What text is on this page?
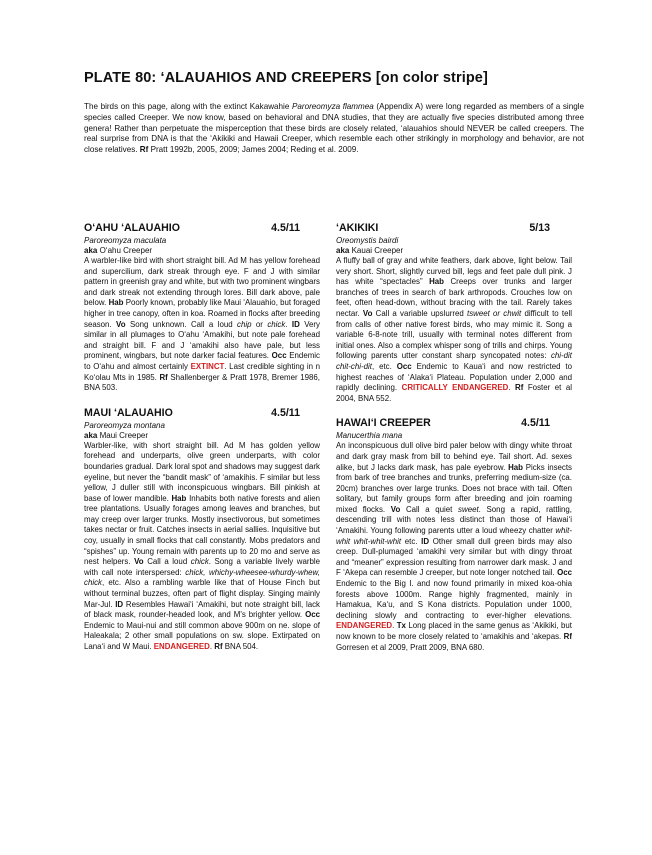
PLATE 80: ‘ALAUAHIOS AND CREEPERS [on color stripe]

The birds on this page, along with the extinct Kakawahie Paroreomyza flammea (Appendix A) were long regarded as members of a single species called Creeper. We now know, based on behavioral and DNA studies, that they are actually five species distributed among three genera! Rather than perpetuate the misperception that these birds are closely related, ‘alauahios should NEVER be called creepers. The real surprise from DNA is that the ‘Akikiki and Hawaii Creeper, which resemble each other strikingly in morphology and behavior, are not close relatives. Rf Pratt 1992b, 2005, 2009; James 2004; Reding et al. 2009.

O‘AHU ‘ALAUAHIO	4.5/11
Paroreomyza maculata
aka O‘ahu Creeper
A warbler-like bird with short straight bill. Ad M has yellow forehead and supercilium, dark streak through eye. F and J with similar pattern in greenish gray and white, but with two prominent wingbars and dark streak not extending through lores. Bill dark above, pale below. Hab Poorly known, probably like Maui ‘Alauahio, but foraged higher in tree canopy, often in koa. Roamed in flocks after breeding season. Vo Song unknown. Call a loud chip or chick. ID Very similar in all plumages to O‘ahu ‘Amakihi, but note pale forehead and straight bill. F and J ‘amakihi also have pale, but less prominent, wingbars, but note darker facial features. Occ Endemic to O‘ahu and almost certainly EXTINCT. Last credible sighting in n Ko‘olau Mts in 1985. Rf Shallenberger & Pratt 1978, Bremer 1986, BNA 503.
MAUI ‘ALAUAHIO	4.5/11
Paroreomyza montana
aka Maui Creeper
Warbler-like, with short straight bill. Ad M has golden yellow forehead and underparts, olive green underparts, with color boundaries gradual. Dark loral spot and shadows may suggest dark eyeline, but never the “bandit mask” of ‘amakihis. F similar but less yellow, J duller still with inconspicuous wingbars. Bill pinkish at base of lower mandible. Hab Inhabits both native forests and alien tree plantations. Usually forages among leaves and branches, but may creep over larger trunks. Mostly insectivorous, but sometimes takes nectar or fruit. Catches insects in aerial sallies. Inquisitive but coy, usually in small flocks that call constantly. Mobs predators and “spishes” up. Young remain with parents up to 20 mo and serve as nest helpers. Vo Call a loud chick. Song a variable lively warble with call note interspersed: chick, whichy-wheesee-whurdy-whew, chick, etc. Also a rambling warble like that of House Finch but without terminal buzzes, often part of flight display. Singing mainly Mar-Jul. ID Resembles Hawai‘i ‘Amakihi, but note straight bill, lack of black mask, rounder-headed look, and M's brighter yellow. Occ Endemic to Maui-nui and still common above 900m on ne. slope of Haleakala; 2 other small populations on sw. slope. Extirpated on Lana‘i and W Maui. ENDANGERED. Rf BNA 504.
‘AKIKIKI	5/13
Oreomystis bairdi
aka Kauai Creeper
A fluffy ball of gray and white feathers, dark above, light below. Tail very short. Short, slightly curved bill, legs and feet pale dull pink. J has white “spectacles” Hab Creeps over trunks and larger branches of trees in search of bark arthropods. Crouches low on feet, often head-down, without bracing with the tail. Rarely takes nectar. Vo Call a variable upslurred tsweet or chwit difficult to tell from calls of other native forest birds, who may mimic it. Song a variable 6-8-note trill, usually with terminal notes different from initial ones. Also a complex whisper song of trills and chirps. Young following parents utter constant sharp syncopated notes: chi-dit chit-chi-dit, etc. Occ Endemic to Kaua‘i and now restricted to highest reaches of ‘Alaka‘i Plateau. Population under 2,000 and rapidly declining. CRITICALLY ENDANGERED. Rf Foster et al 2004, BNA 552.
HAWAI‘I CREEPER	4.5/11
Manucerthia mana
An inconspicuous dull olive bird paler below with dingy white throat and dark gray mask from bill to behind eye. Tail short. Ad. sexes alike, but J lacks dark mask, has pale eyebrow. Hab Picks insects from bark of tree branches and trunks, preferring medium-size (ca. 20cm) branches over large trunks. Does not brace with tail. Often solitary, but family groups form after breeding and join roaming mixed flocks. Vo Call a quiet sweet. Song a rapid, rattling, descending trill with notes less distinct than those of Hawai‘i ‘Amakihi. Young following parents utter a loud wheezy chatter whit-whit whit-whit-whit etc. ID Other small dull green birds may also creep. Dull-plumaged ‘amakihi very similar but with dingy throat and “meaner” expression resulting from narrower dark mask. J and F ‘Akepa can resemble J creeper, but note longer notched tail. Occ Endemic to the Big I. and now found primarily in mixed koa-ohia forests above 1000m. Range highly fragmented, mainly in Hamakua, Ka‘u, and S Kona districts. Population under 1000, declining slowly and contracting to ever-higher elevations. ENDANGERED. Tx Long placed in the same genus as ‘Akikiki, but now known to be more closely related to ‘amakihis and ‘akepas. Rf Gorresen et al 2009, Pratt 2009, BNA 680.
